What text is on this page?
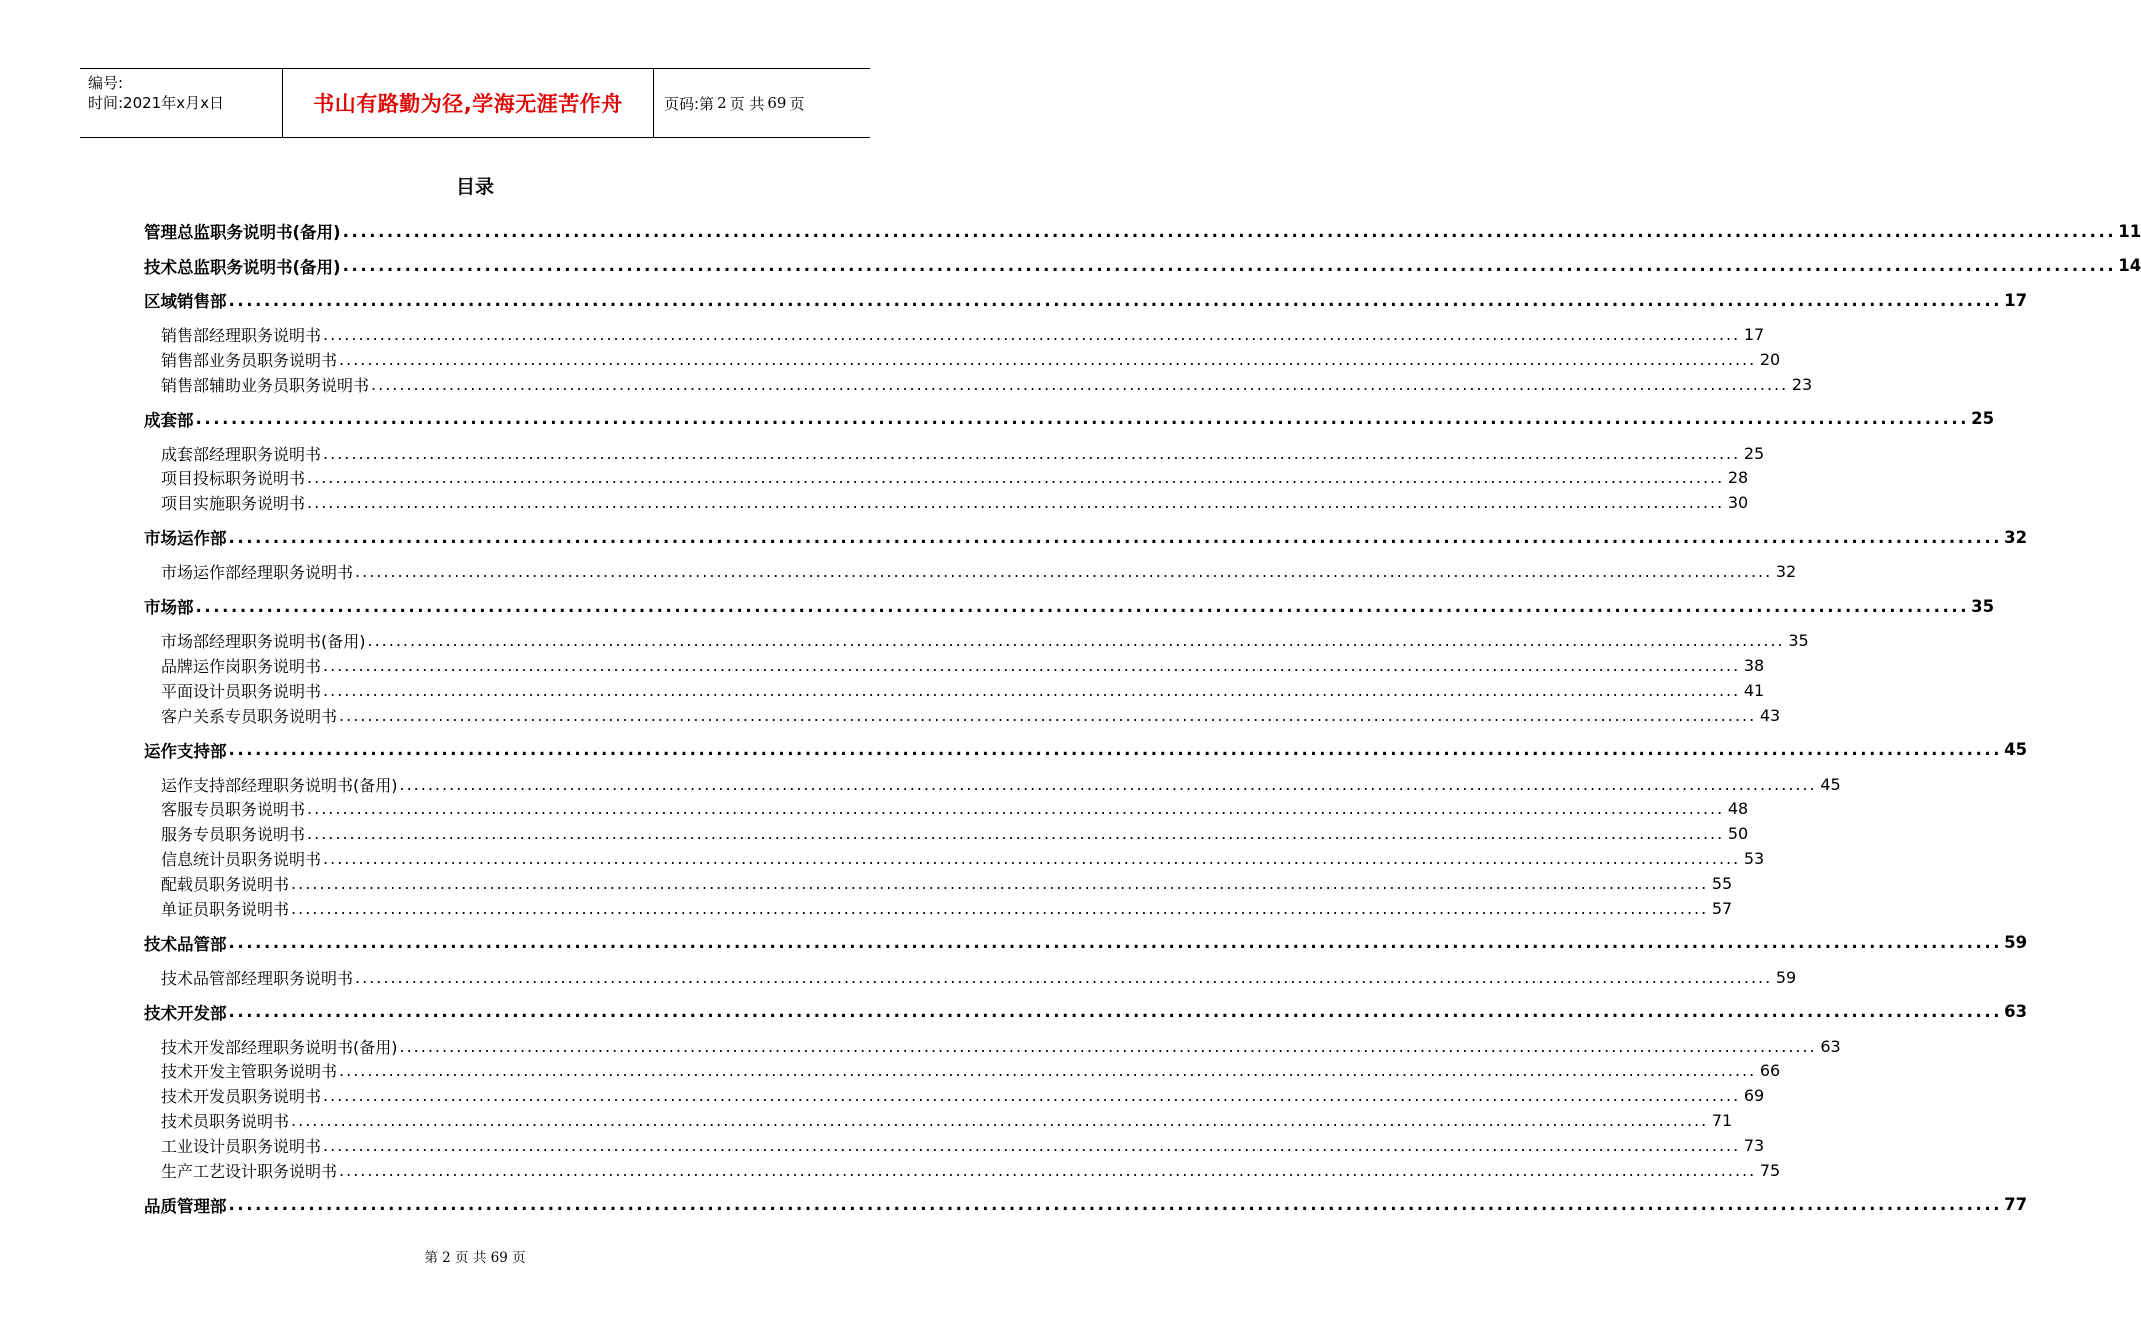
编号:
时间:2021年x月x日	书山有路勤为径,学海无涯苦作舟	页码:第 2 页 共 69 页
目录
管理总监职务说明书(备用) ........................................................................................................................................................................................................ 11
技术总监职务说明书(备用) ........................................................................................................................................................................................................ 14
区域销售部 ........................................................................................................................................................................................................ 17
销售部经理职务说明书 ........................................................................................................................................................................................................ 17
销售部业务员职务说明书 ........................................................................................................................................................................................................ 20
销售部辅助业务员职务说明书 ........................................................................................................................................................................................................ 23
成套部 ........................................................................................................................................................................................................ 25
成套部经理职务说明书 ........................................................................................................................................................................................................ 25
项目投标职务说明书 ........................................................................................................................................................................................................ 28
项目实施职务说明书 ........................................................................................................................................................................................................ 30
市场运作部 ........................................................................................................................................................................................................ 32
市场运作部经理职务说明书 ........................................................................................................................................................................................................ 32
市场部 ........................................................................................................................................................................................................ 35
市场部经理职务说明书(备用) ........................................................................................................................................................................................................ 35
品牌运作岗职务说明书 ........................................................................................................................................................................................................ 38
平面设计员职务说明书 ........................................................................................................................................................................................................ 41
客户关系专员职务说明书 ........................................................................................................................................................................................................ 43
运作支持部 ........................................................................................................................................................................................................ 45
运作支持部经理职务说明书(备用) ........................................................................................................................................................................................................ 45
客服专员职务说明书 ........................................................................................................................................................................................................ 48
服务专员职务说明书 ........................................................................................................................................................................................................ 50
信息统计员职务说明书 ........................................................................................................................................................................................................ 53
配载员职务说明书 ........................................................................................................................................................................................................ 55
单证员职务说明书 ........................................................................................................................................................................................................ 57
技术品管部 ........................................................................................................................................................................................................ 59
技术品管部经理职务说明书 ........................................................................................................................................................................................................ 59
技术开发部 ........................................................................................................................................................................................................ 63
技术开发部经理职务说明书(备用) ........................................................................................................................................................................................................ 63
技术开发主管职务说明书 ........................................................................................................................................................................................................ 66
技术开发员职务说明书 ........................................................................................................................................................................................................ 69
技术员职务说明书 ........................................................................................................................................................................................................ 71
工业设计员职务说明书 ........................................................................................................................................................................................................ 73
生产工艺设计职务说明书 ........................................................................................................................................................................................................ 75
品质管理部 ........................................................................................................................................................................................................ 77
第 2 页 共 69 页
